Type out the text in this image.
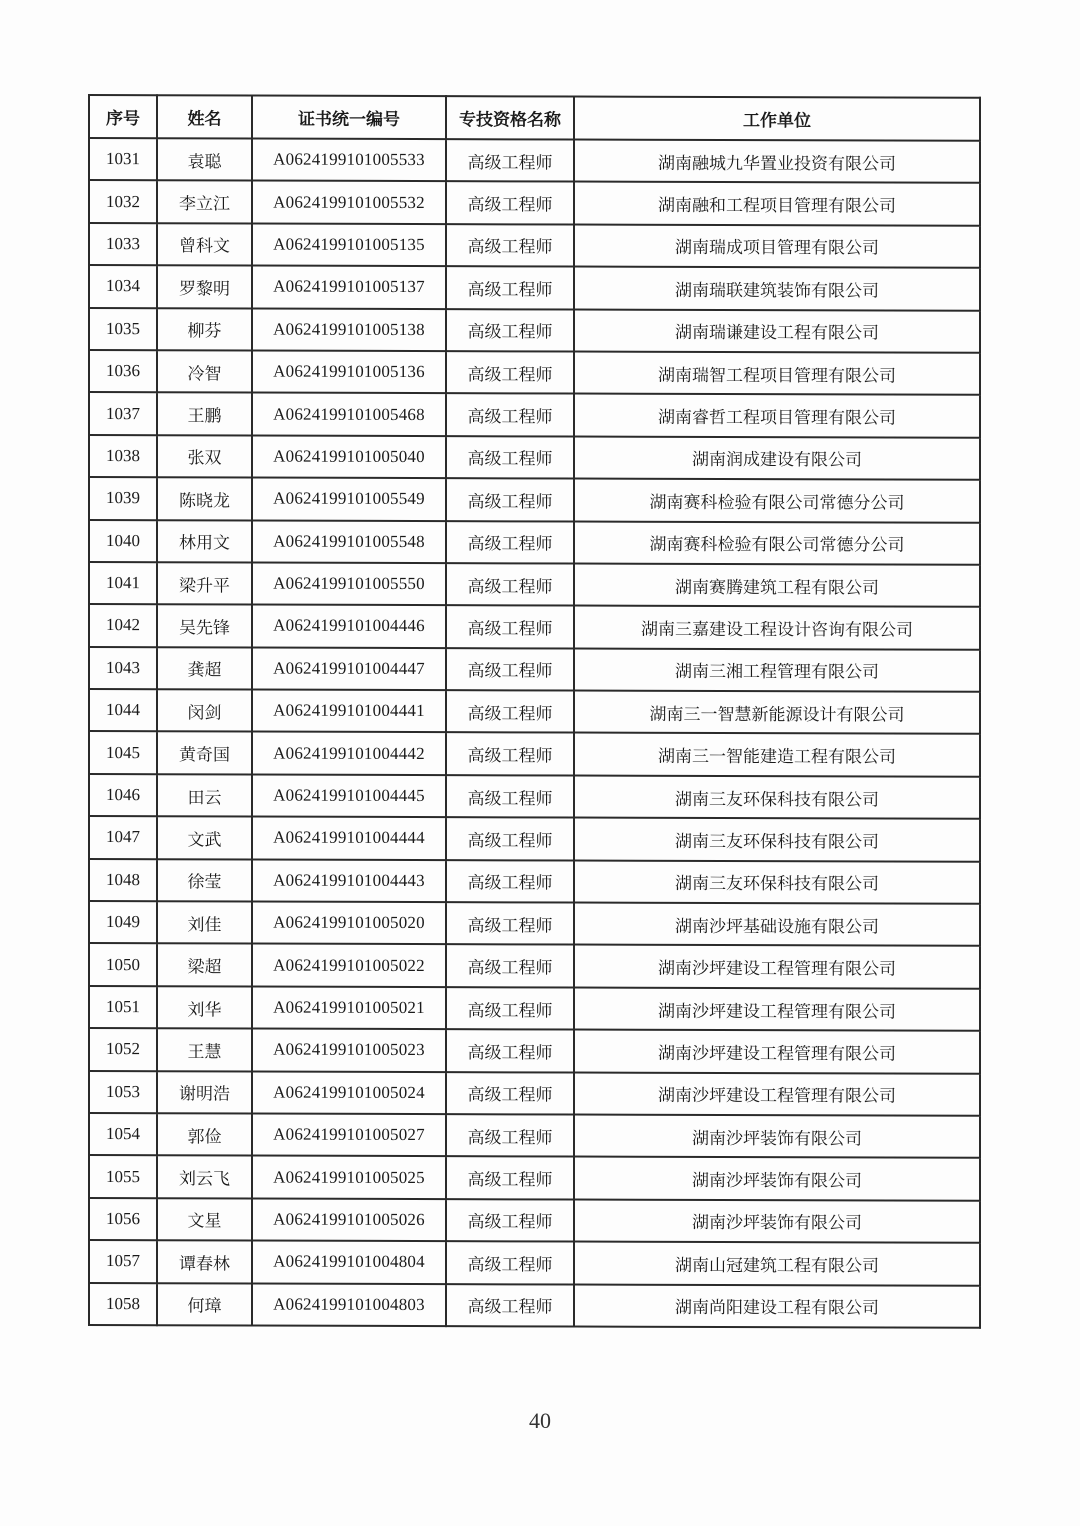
序号	姓名	证书统一编号	专技资格名称	工作单位
1031	袁聪	A0624199101005533	高级工程师	湖南融城九华置业投资有限公司
1032	李立江	A0624199101005532	高级工程师	湖南融和工程项目管理有限公司
1033	曾科文	A0624199101005135	高级工程师	湖南瑞成项目管理有限公司
1034	罗黎明	A0624199101005137	高级工程师	湖南瑞联建筑装饰有限公司
1035	柳芬	A0624199101005138	高级工程师	湖南瑞谦建设工程有限公司
1036	冷智	A0624199101005136	高级工程师	湖南瑞智工程项目管理有限公司
1037	王鹏	A0624199101005468	高级工程师	湖南睿哲工程项目管理有限公司
1038	张双	A0624199101005040	高级工程师	湖南润成建设有限公司
1039	陈晓龙	A0624199101005549	高级工程师	湖南赛科检验有限公司常德分公司
1040	林用文	A0624199101005548	高级工程师	湖南赛科检验有限公司常德分公司
1041	梁升平	A0624199101005550	高级工程师	湖南赛腾建筑工程有限公司
1042	吴先锋	A0624199101004446	高级工程师	湖南三嘉建设工程设计咨询有限公司
1043	龚超	A0624199101004447	高级工程师	湖南三湘工程管理有限公司
1044	闵剑	A0624199101004441	高级工程师	湖南三一智慧新能源设计有限公司
1045	黄奇国	A0624199101004442	高级工程师	湖南三一智能建造工程有限公司
1046	田云	A0624199101004445	高级工程师	湖南三友环保科技有限公司
1047	文武	A0624199101004444	高级工程师	湖南三友环保科技有限公司
1048	徐莹	A0624199101004443	高级工程师	湖南三友环保科技有限公司
1049	刘佳	A0624199101005020	高级工程师	湖南沙坪基础设施有限公司
1050	梁超	A0624199101005022	高级工程师	湖南沙坪建设工程管理有限公司
1051	刘华	A0624199101005021	高级工程师	湖南沙坪建设工程管理有限公司
1052	王慧	A0624199101005023	高级工程师	湖南沙坪建设工程管理有限公司
1053	谢明浩	A0624199101005024	高级工程师	湖南沙坪建设工程管理有限公司
1054	郭俭	A0624199101005027	高级工程师	湖南沙坪装饰有限公司
1055	刘云飞	A0624199101005025	高级工程师	湖南沙坪装饰有限公司
1056	文星	A0624199101005026	高级工程师	湖南沙坪装饰有限公司
1057	谭春林	A0624199101004804	高级工程师	湖南山冠建筑工程有限公司
1058	何璋	A0624199101004803	高级工程师	湖南尚阳建设工程有限公司
40
